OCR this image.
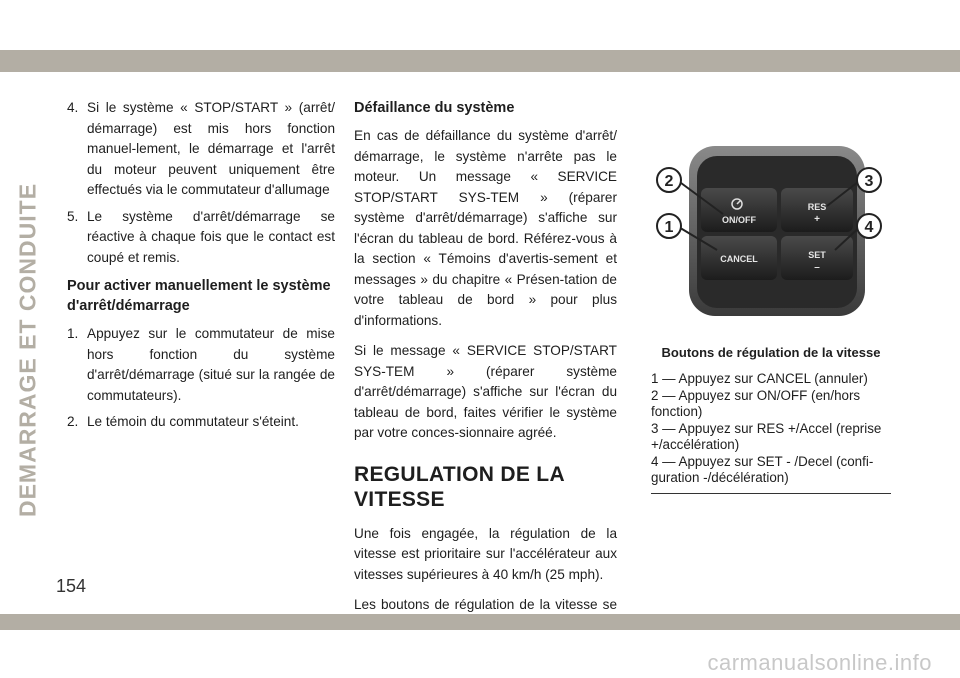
DEMARRAGE ET CONDUITE
4. Si le système « STOP/START » (arrêt/ démarrage) est mis hors fonction manuel-lement, le démarrage et l'arrêt du moteur peuvent uniquement être effectués via le commutateur d'allumage
5. Le système d'arrêt/démarrage se réactive à chaque fois que le contact est coupé et remis.
Pour activer manuellement le système d'arrêt/démarrage
1. Appuyez sur le commutateur de mise hors fonction du système d'arrêt/démarrage (situé sur la rangée de commutateurs).
2. Le témoin du commutateur s'éteint.
Défaillance du système

En cas de défaillance du système d'arrêt/ démarrage, le système n'arrête pas le moteur. Un message « SERVICE STOP/START SYS-TEM » (réparer système d'arrêt/démarrage) s'affiche sur l'écran du tableau de bord. Référez-vous à la section « Témoins d'avertis-sement et messages » du chapitre « Présen-tation de votre tableau de bord » pour plus d'informations.

Si le message « SERVICE STOP/START SYS-TEM » (réparer système d'arrêt/démarrage) s'affiche sur l'écran du tableau de bord, faites vérifier le système par votre conces-sionnaire agréé.

REGULATION DE LA
VITESSE

Une fois engagée, la régulation de la vitesse est prioritaire sur l'accélérateur aux vitesses supérieures à 40 km/h (25 mph).

Les boutons de régulation de la vitesse se

ON/OFF
CANCEL
RES
+
SET
–
1
2	3
4
Boutons de régulation de la vitesse
1 — Appuyez sur CANCEL (annuler)
2 — Appuyez sur ON/OFF (en/hors fonction)
3 — Appuyez sur RES +/Accel (reprise +/accélération)
4 — Appuyez sur SET - /Decel (confi-guration -/décélération)
154
carmanualsonline.info
